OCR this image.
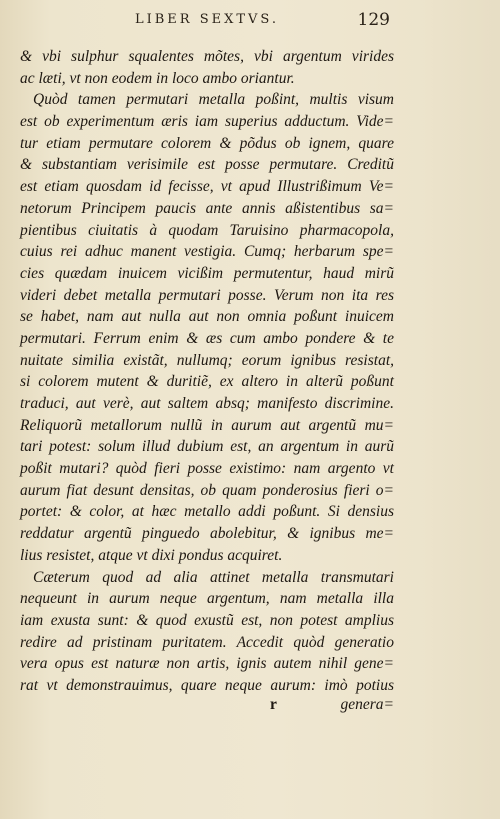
LIBER SEXTVS.	129
& vbi sulphur squalentes mõtes, vbi argentum virides
ac læti, vt non eodem in loco ambo oriantur.
Quòd tamen permutari metalla poßint, multis visum
est ob experimentum æris iam superius adductum. Vide=
tur etiam permutare colorem & põdus ob ignem, quare
& substantiam verisimile est posse permutare. Creditũ
est etiam quosdam id fecisse, vt apud Illustrißimum Ve=
netorum Principem paucis ante annis aßistentibus sa=
pientibus ciuitatis à quodam Taruisino pharmacopola,
cuius rei adhuc manent vestigia. Cumq; herbarum spe=
cies quædam inuicem vicißim permutentur, haud mirũ
videri debet metalla permutari posse. Verum non ita res
se habet, nam aut nulla aut non omnia poßunt inuicem
permutari. Ferrum enim & æs cum ambo pondere & te
nuitate similia existãt, nullumq; eorum ignibus resistat,
si colorem mutent & duritiẽ, ex altero in alterũ poßunt
traduci, aut verè, aut saltem absq; manifesto discrimine.
Reliquorũ metallorum nullũ in aurum aut argentũ mu=
tari potest: solum illud dubium est, an argentum in aurũ
poßit mutari? quòd fieri posse existimo: nam argento vt
aurum fiat desunt densitas, ob quam ponderosius fieri o=
portet: & color, at hæc metallo addi poßunt. Si densius
reddatur argentũ pinguedo abolebitur, & ignibus me=
lius resistet, atque vt dixi pondus acquiret.
Cæterum quod ad alia attinet metalla transmutari
nequeunt in aurum neque argentum, nam metalla illa
iam exusta sunt: & quod exustũ est, non potest amplius
redire ad pristinam puritatem. Accedit quòd generatio
vera opus est naturæ non artis, ignis autem nihil gene=
rat vt demonstrauimus, quare neque aurum: imò potius
r	genera=
